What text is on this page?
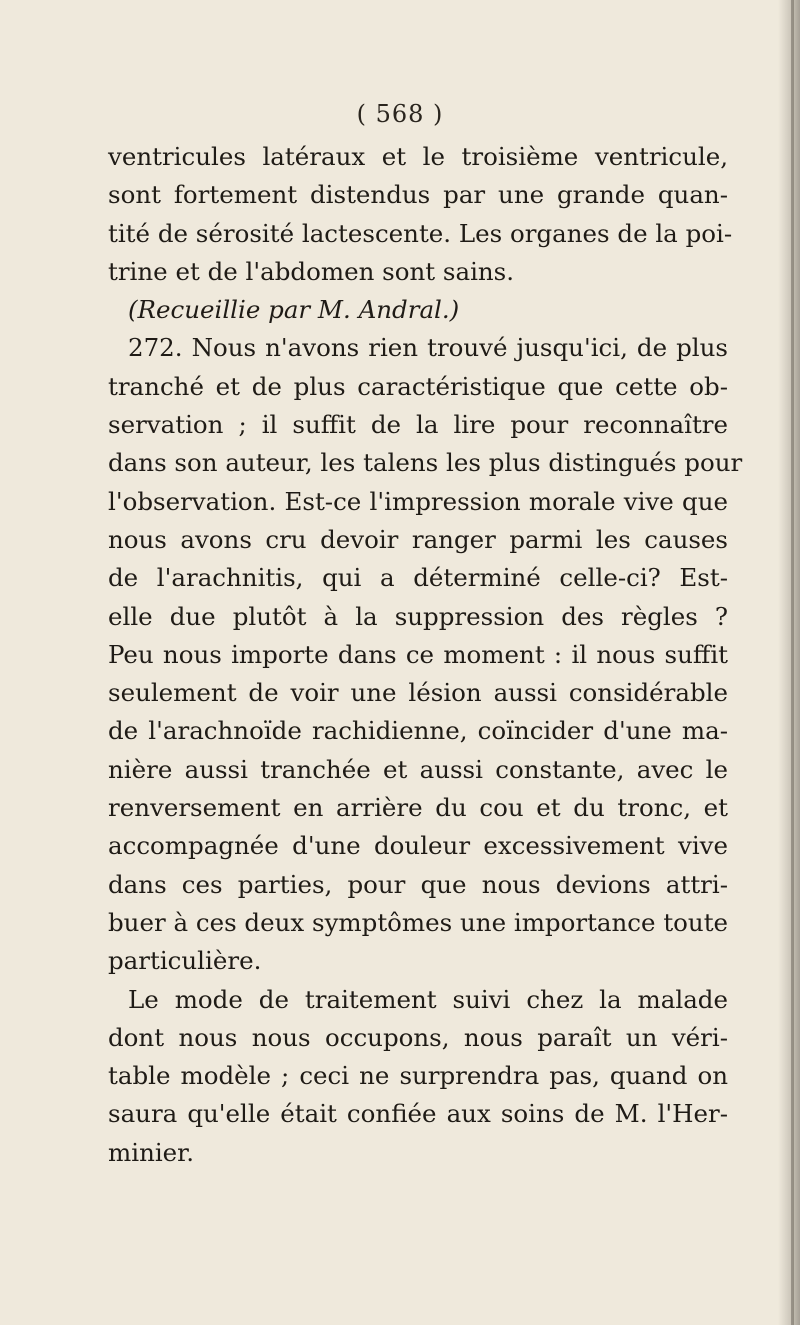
( 568 )
ventricules latéraux et le troisième ventricule,
sont fortement distendus par une grande quan-
tité de sérosité lactescente. Les organes de la poi-
trine et de l'abdomen sont sains.
(Recueillie par M. Andral.)
272. Nous n'avons rien trouvé jusqu'ici, de plus
tranché et de plus caractéristique que cette ob-
servation ; il suffit de la lire pour reconnaître
dans son auteur, les talens les plus distingués pour
l'observation. Est-ce l'impression morale vive que
nous avons cru devoir ranger parmi les causes
de l'arachnitis, qui a déterminé celle-ci? Est-
elle due plutôt à la suppression des règles ?
Peu nous importe dans ce moment : il nous suffit
seulement de voir une lésion aussi considérable
de l'arachnoïde rachidienne, coïncider d'une ma-
nière aussi tranchée et aussi constante, avec le
renversement en arrière du cou et du tronc, et
accompagnée d'une douleur excessivement vive
dans ces parties, pour que nous devions attri-
buer à ces deux symptômes une importance toute
particulière.
Le mode de traitement suivi chez la malade
dont nous nous occupons, nous paraît un véri-
table modèle ; ceci ne surprendra pas, quand on
saura qu'elle était confiée aux soins de M. l'Her-
minier.
